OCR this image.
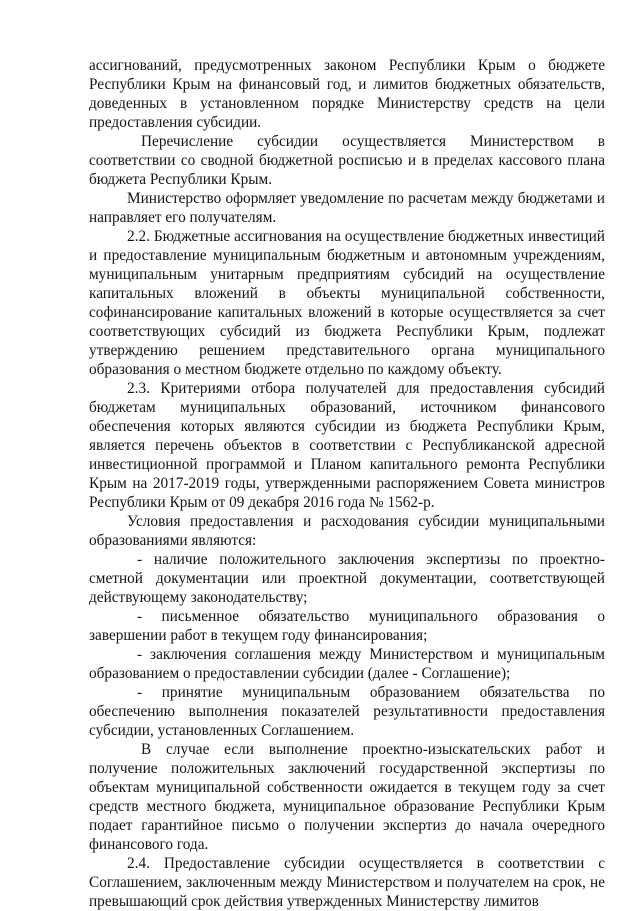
ассигнований, предусмотренных законом Республики Крым о бюджете Республики Крым на финансовый год, и лимитов бюджетных обязательств, доведенных в установленном порядке Министерству средств на цели предоставления субсидии.

Перечисление субсидии осуществляется Министерством в соответствии со сводной бюджетной росписью и в пределах кассового плана бюджета Республики Крым.

Министерство оформляет уведомление по расчетам между бюджетами и направляет его получателям.

2.2. Бюджетные ассигнования на осуществление бюджетных инвестиций и предоставление муниципальным бюджетным и автономным учреждениям, муниципальным унитарным предприятиям субсидий на осуществление капитальных вложений в объекты муниципальной собственности, софинансирование капитальных вложений в которые осуществляется за счет соответствующих субсидий из бюджета Республики Крым, подлежат утверждению решением представительного органа муниципального образования о местном бюджете отдельно по каждому объекту.

2.3. Критериями отбора получателей для предоставления субсидий бюджетам муниципальных образований, источником финансового обеспечения которых являются субсидии из бюджета Республики Крым, является перечень объектов в соответствии с Республиканской адресной инвестиционной программой и Планом капитального ремонта Республики Крым на 2017-2019 годы, утвержденными распоряжением Совета министров Республики Крым от 09 декабря 2016 года № 1562-р.

Условия предоставления и расходования субсидии муниципальными образованиями являются:

- наличие положительного заключения экспертизы по проектно-сметной документации или проектной документации, соответствующей действующему законодательству;

- письменное обязательство муниципального образования о завершении работ в текущем году финансирования;

- заключения соглашения между Министерством и муниципальным образованием о предоставлении субсидии (далее - Соглашение);

- принятие муниципальным образованием обязательства по обеспечению выполнения показателей результативности предоставления субсидии, установленных Соглашением.

В случае если выполнение проектно-изыскательских работ и получение положительных заключений государственной экспертизы по объектам муниципальной собственности ожидается в текущем году за счет средств местного бюджета, муниципальное образование Республики Крым подает гарантийное письмо о получении экспертиз до начала очередного финансового года.

2.4. Предоставление субсидии осуществляется в соответствии с Соглашением, заключенным между Министерством и получателем на срок, не превышающий срок действия утвержденных Министерству лимитов
